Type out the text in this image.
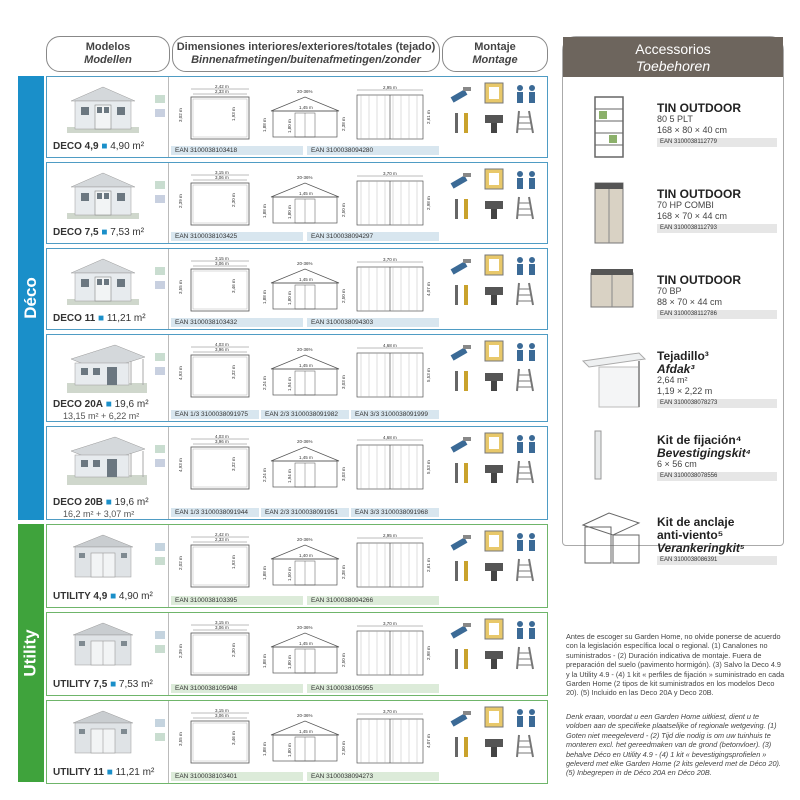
Modelos
Modellen
Dimensiones interiores/exteriores/totales (tejado)
Binnenafmetingen/buitenafmetingen/zonder
Montaje
Montage
Déco
Utility
DECO 4,9 ■ 4,90 m²
2,42 m
2,33 m
3,02 m	1,93 m
20-36%
1,45 m
1,88 m	1,80 m	2,38 m
2,95 m
2,61 m
EAN 3100038103418	EAN 3100038094280
DECO 7,5 ■ 7,53 m²
3,15 m
3,06 m
2,39 m	2,30 m
20-36%
1,45 m
1,88 m	1,80 m	2,50 m
3,70 m
2,98 m
EAN 3100038103425	EAN 3100038094297
DECO 11 ■ 11,21 m²
3,15 m
3,06 m
3,55 m	3,46 m
20-36%
1,45 m
1,88 m	1,80 m	2,50 m
3,70 m
4,07 m
EAN 3100038103432	EAN 3100038094303
DECO 20A ■ 19,6 m²
13,15 m² + 6,22 m²
4,03 m
3,96 m
4,93 m	3,32 m
20-36%
1,45 m
2,24 m	1,94 m	3,03 m
4,68 m
5,53 m
EAN 1/3 3100038091975	EAN 2/3 3100038091982	EAN 3/3 3100038091999
DECO 20B ■ 19,6 m²
16,2 m² + 3,07 m²
4,03 m
3,96 m
4,93 m	3,32 m
20-36%
1,45 m
2,24 m	1,94 m	3,03 m
4,68 m
5,53 m
EAN 1/3 3100038091944	EAN 2/3 3100038091951	EAN 3/3 3100038091968
UTILITY 4,9 ■ 4,90 m²
2,42 m
2,33 m
2,02 m	1,93 m
20-36%
1,40 m
1,88 m	1,50 m	2,38 m
2,95 m
2,61 m
EAN 3100038103395	EAN 3100038094266
UTILITY 7,5 ■ 7,53 m²
3,15 m
3,06 m
2,39 m	2,30 m
20-36%
1,45 m
1,88 m	1,80 m	2,50 m
3,70 m
2,98 m
EAN 3100038105948	EAN 3100038105955
UTILITY 11 ■ 11,21 m²
3,15 m
3,06 m
3,55 m	3,46 m
20-36%
1,45 m
1,88 m	1,80 m	2,50 m
3,70 m
4,07 m
EAN 3100038103401	EAN 3100038094273
Accessorios
Toebehoren
TIN OUTDOOR
80 5 PLT
168 × 80 × 40 cm
EAN 3100038112779
TIN OUTDOOR
70 HP COMBI
168 × 70 × 44 cm
EAN 3100038112793
TIN OUTDOOR
70 BP
88 × 70 × 44 cm
EAN 3100038112786
Tejadillo³
Afdak³
2,64 m²
1,19 × 2,22 m
EAN 3100038078273
Kit de fijación⁴
Bevestigingskit⁴
6 × 56 cm
EAN 3100038078556
Kit de anclaje
anti-viento⁵
Verankeringkit⁵
EAN 3100038086391
Antes de escoger su Garden Home, no olvide ponerse de acuerdo con la legislación específica local o regional. (1) Canalones no suministrados - (2) Duración indicativa de montaje. Fuera de preparación del suelo (pavimento hormigón). (3) Salvo la Deco 4.9 y la Utility 4.9 - (4) 1 kit « perfiles de fijación » suministrado en cada Garden Home (2 tipos de kit suministrados en los modelos Deco 20). (5) Incluido en las Deco 20A y Deco 20B.
Denk eraan, voordat u een Garden Home uitkiest, dient u te voldoen aan de specifieke plaatselijke of regionale wetgeving. (1) Goten niet meegeleverd - (2) Tijd die nodig is om uw tuinhuis te monteren excl. het gereedmaken van de grond (betonvloer). (3) behalve Déco en Utility 4.9 - (4) 1 kit « bevestigingsprofielen » geleverd met elke Garden Home (2 kits geleverd met de Déco 20). (5) Inbegrepen in de Déco 20A en Déco 20B.
